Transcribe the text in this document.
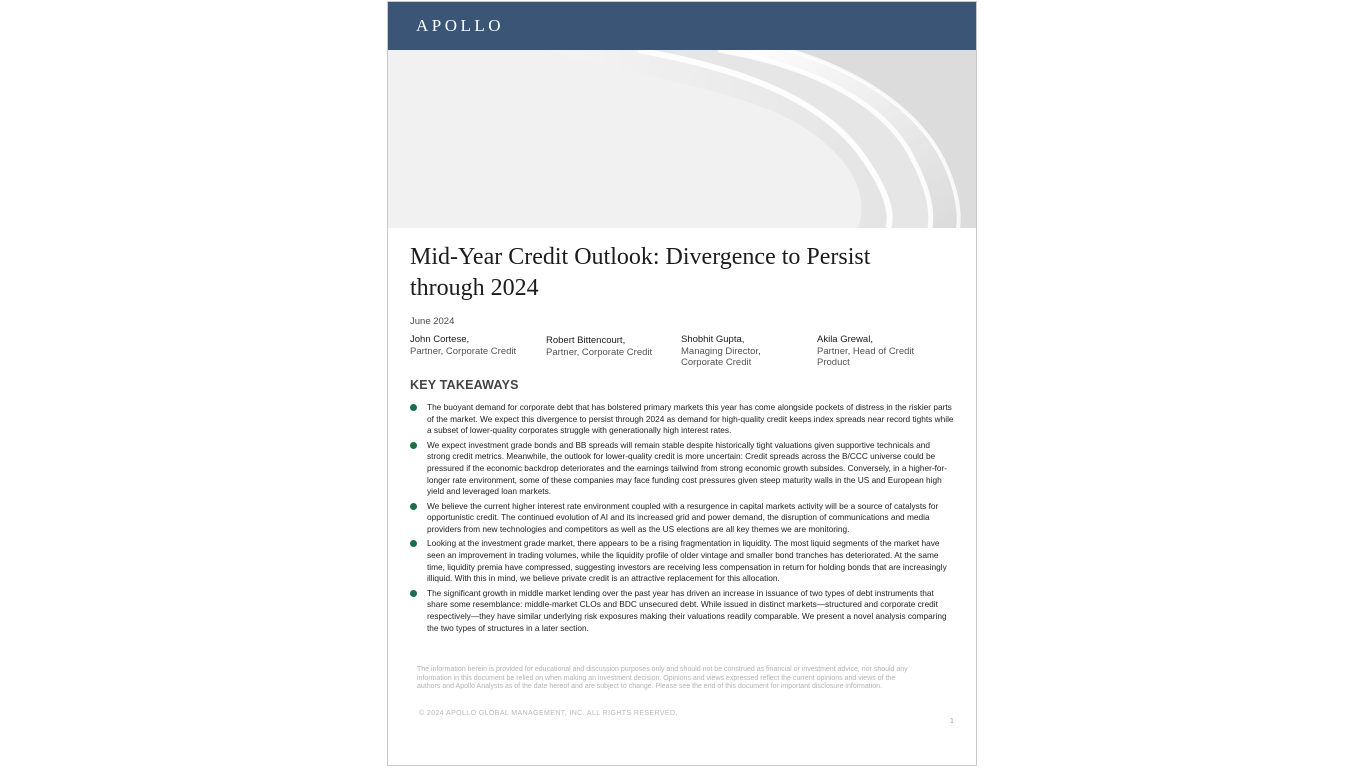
APOLLO
Mid-Year Credit Outlook: Divergence to Persist through 2024
June 2024
John Cortese,
Partner, Corporate Credit
Robert Bittencourt,
Partner, Corporate Credit
Shobhit Gupta,
Managing Director, Corporate Credit
Akila Grewal,
Partner, Head of Credit Product
KEY TAKEAWAYS
The buoyant demand for corporate debt that has bolstered primary markets this year has come alongside pockets of distress in the riskier parts of the market. We expect this divergence to persist through 2024 as demand for high-quality credit keeps index spreads near record tights while a subset of lower-quality corporates struggle with generationally high interest rates.
We expect investment grade bonds and BB spreads will remain stable despite historically tight valuations given supportive technicals and strong credit metrics. Meanwhile, the outlook for lower-quality credit is more uncertain: Credit spreads across the B/CCC universe could be pressured if the economic backdrop deteriorates and the earnings tailwind from strong economic growth subsides. Conversely, in a higher-for-longer rate environment, some of these companies may face funding cost pressures given steep maturity walls in the US and European high yield and leveraged loan markets.
We believe the current higher interest rate environment coupled with a resurgence in capital markets activity will be a source of catalysts for opportunistic credit. The continued evolution of AI and its increased grid and power demand, the disruption of communications and media providers from new technologies and competitors as well as the US elections are all key themes we are monitoring.
Looking at the investment grade market, there appears to be a rising fragmentation in liquidity. The most liquid segments of the market have seen an improvement in trading volumes, while the liquidity profile of older vintage and smaller bond tranches has deteriorated. At the same time, liquidity premia have compressed, suggesting investors are receiving less compensation in return for holding bonds that are increasingly illiquid. With this in mind, we believe private credit is an attractive replacement for this allocation.
The significant growth in middle market lending over the past year has driven an increase in issuance of two types of debt instruments that share some resemblance: middle-market CLOs and BDC unsecured debt. While issued in distinct markets—structured and corporate credit respectively—they have similar underlying risk exposures making their valuations readily comparable. We present a novel analysis comparing the two types of structures in a later section.

The information herein is provided for educational and discussion purposes only and should not be construed as financial or investment advice, nor should any information in this document be relied on when making an investment decision. Opinions and views expressed reflect the current opinions and views of the authors and Apollo Analysts as of the date hereof and are subject to change. Please see the end of this document for important disclosure information.

© 2024 APOLLO GLOBAL MANAGEMENT, INC. ALL RIGHTS RESERVED.
1
